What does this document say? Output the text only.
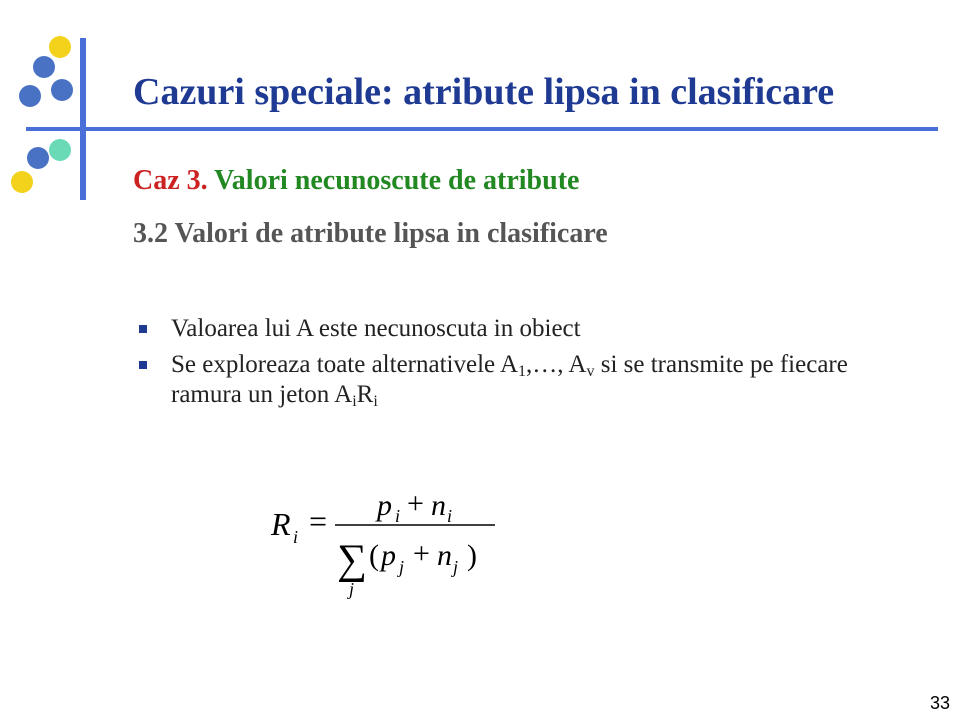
Cazuri speciale: atribute lipsa in clasificare
Caz 3. Valori necunoscute de atribute
3.2 Valori de atribute lipsa in clasificare
Valoarea lui A este necunoscuta in obiect
Se exploreaza toate alternativele $A_1,\dots$, $A_v$ si se transmite pe fiecare ramura un jeton $A_iR_i$
R i = p i + n i
∑
j
( p j + n j )
33
